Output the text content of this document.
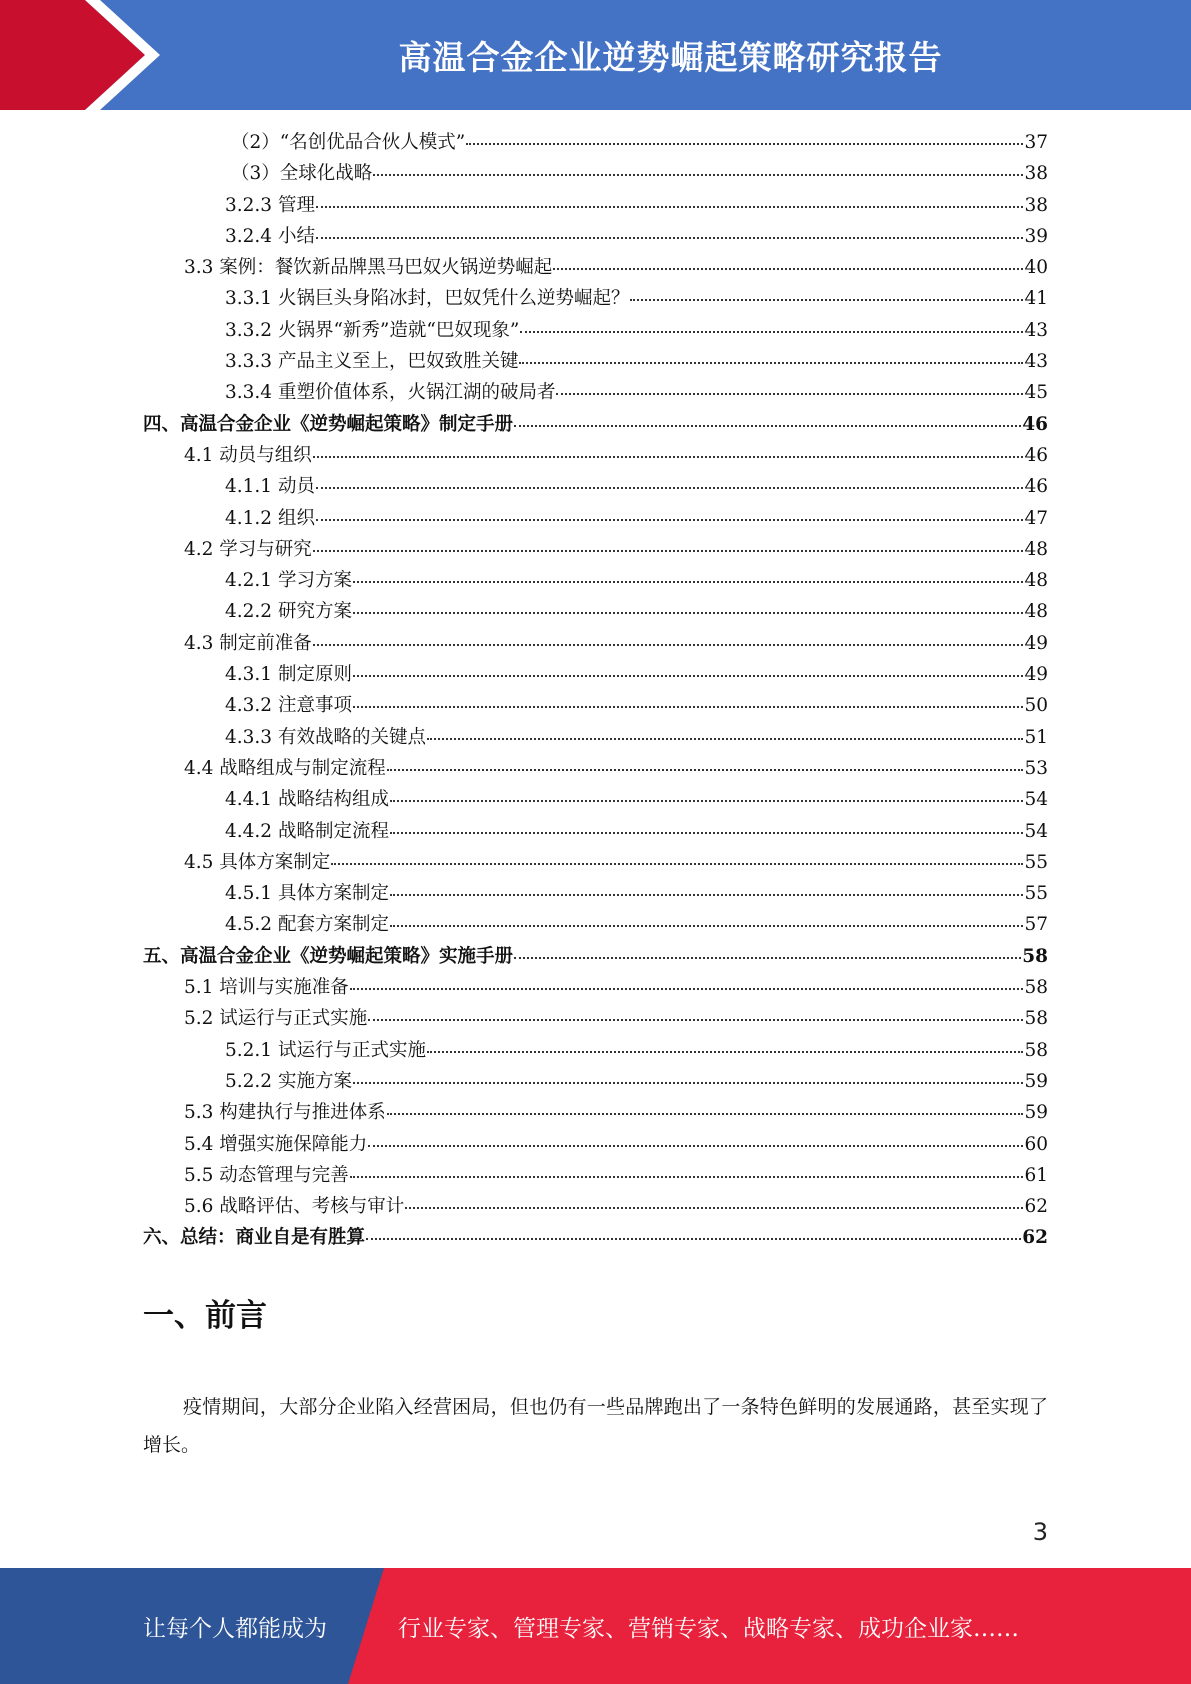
高温合金企业逆势崛起策略研究报告
（2）“名创优品合伙人模式”	37
（3）全球化战略	38
3.2.3 管理	38
3.2.4 小结	39
3.3 案例：餐饮新品牌黑马巴奴火锅逆势崛起	40
3.3.1 火锅巨头身陷冰封，巴奴凭什么逆势崛起？	41
3.3.2 火锅界“新秀”造就“巴奴现象”	43
3.3.3 产品主义至上，巴奴致胜关键	43
3.3.4 重塑价值体系，火锅江湖的破局者	45
四、高温合金企业《逆势崛起策略》制定手册	46
4.1 动员与组织	46
4.1.1 动员	46
4.1.2 组织	47
4.2 学习与研究	48
4.2.1 学习方案	48
4.2.2 研究方案	48
4.3 制定前准备	49
4.3.1 制定原则	49
4.3.2 注意事项	50
4.3.3 有效战略的关键点	51
4.4 战略组成与制定流程	53
4.4.1 战略结构组成	54
4.4.2 战略制定流程	54
4.5 具体方案制定	55
4.5.1 具体方案制定	55
4.5.2 配套方案制定	57
五、高温合金企业《逆势崛起策略》实施手册	58
5.1 培训与实施准备	58
5.2 试运行与正式实施	58
5.2.1 试运行与正式实施	58
5.2.2 实施方案	59
5.3 构建执行与推进体系	59
5.4 增强实施保障能力	60
5.5 动态管理与完善	61
5.6 战略评估、考核与审计	62
六、总结：商业自是有胜算	62
一、前言

疫情期间，大部分企业陷入经营困局，但也仍有一些品牌跑出了一条特色鲜明的发展通路，甚至实现了增长。

3
让每个人都能成为	行业专家、管理专家、营销专家、战略专家、成功企业家……
